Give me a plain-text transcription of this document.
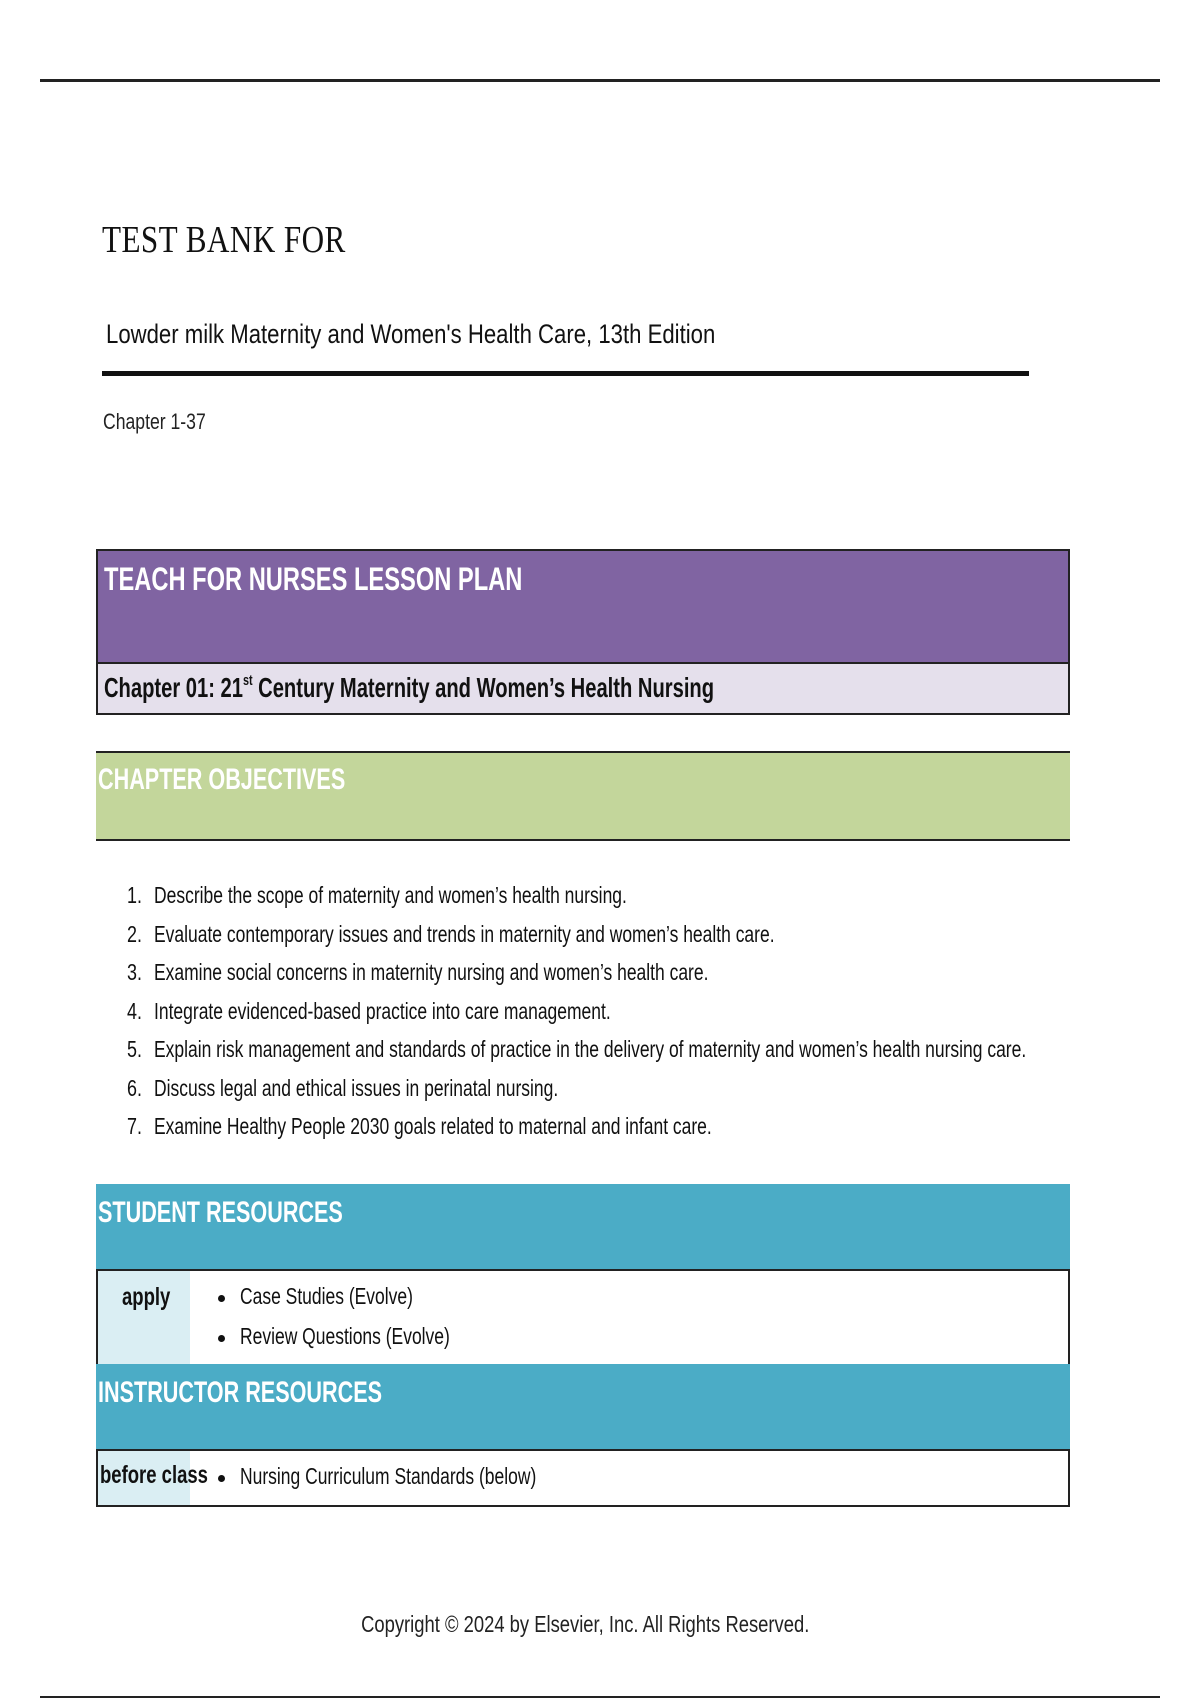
TEST BANK FOR
Lowder milk Maternity and Women's Health Care, 13th Edition
Chapter 1-37
TEACH FOR NURSES LESSON PLAN
Chapter 01: 21st Century Maternity and Women’s Health Nursing
CHAPTER OBJECTIVES
1. Describe the scope of maternity and women’s health nursing.
2. Evaluate contemporary issues and trends in maternity and women’s health care.
3. Examine social concerns in maternity nursing and women’s health care.
4. Integrate evidenced-based practice into care management.
5. Explain risk management and standards of practice in the delivery of maternity and women’s health nursing care.
6. Discuss legal and ethical issues in perinatal nursing.
7. Examine Healthy People 2030 goals related to maternal and infant care.
STUDENT RESOURCES
apply	Case Studies (Evolve)
Review Questions (Evolve)
INSTRUCTOR RESOURCES
before class Nursing Curriculum Standards (below)
Copyright © 2024 by Elsevier, Inc. All Rights Reserved.
